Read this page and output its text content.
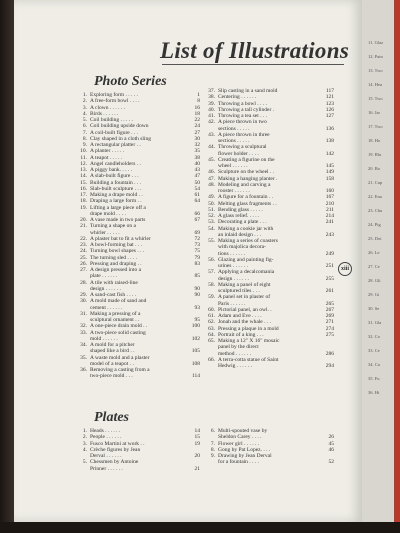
List of Illustrations
Photo Series
1. Exploring form . . . . .	1
2. A free-form bowl . . . .	8
3. A clown . . . . . .	16
4. Birds . . . . . .	18
5. Coil building . . . . .	22
6. Coil building upside down	24
7. A coil-built figure . . .	27
8. Clay shaped in a cloth sling	30
9. A rectangular platter . .	32
10. A planter . . . . .	35
11. A teapot . . . . .	38
12. Angel candleholders . .	40
13. A piggy bank. . . . .	43
14. A slab-built figure . . .	47
15. Building a fountain . . .	50
16. Slab-built sculpture . . .	54
17. Making a drape mold . .	61
18. Draping a large form . .	64
19. Lifting a large piece off a
drape mold . . . .	66
20. A vase made in two parts	67
21. Turning a shape on a
whirler . . . . .	69
22. A plaster bat to fit a whirler	72
23. A bowl-forming bat . . .	73
24. Turning bowl shapes . . .	75
25. The turning sled . . . .	79
26. Pressing and draping . .	83
27. A design pressed into a
plate . . . . . .	85
28. A tile with raised-line
design . . . . . .	90
29. A sand-cast fish . . . .	90
30. A mold made of sand and
cement . . . . . .	93
31. Making a pressing of a
sculptural ornament . .	95
32. A one-piece drain mold . .	100
33. A two-piece solid casting
mold . . . . . .	102
34. A mold for a pitcher
shaped like a bird . .	105
35. A waste mold and a plaster
model of a teapot . .	108
36. Removing a casting from a
two-piece mold . . .	114
37. Slip casting in a sand mold	117
38. Centering . . . . . .	121
39. Throwing a bowl . . . .	123
40. Throwing a tall cylinder .	126
41. Throwing a tea set . . .	127
42. A piece thrown in two
sections . . . . .	136
43. A piece thrown in three
sections . . . . .	138
44. Throwing a sculptural
flower holder . . . .	142
45. Creating a figurine on the
wheel . . . . . .	145
46. Sculpture on the wheel . .	149
47. Making a hanging planter .	158
48. Modeling and carving a
rooster . . . . . .	160
49. A figure for a fountain . .	167
50. Melting glass fragments . .	210
51. Bending glass . . . . .	211
52. A glass relief. . . . .	214
53. Decorating a plate . . .	241
54. Making a cookie jar with
an inlaid design . . .	243
55. Making a series of coasters
with majolica decora-
tions . . . . . .	249
56. Glazing and painting fig-
urines . . . . . .	251
57. Applying a decalcomania
design . . . . . .	255
58. Making a panel of eight
sculptured tiles . . .	261
59. A panel set in plaster of
Paris . . . . . .	265
60. Pictorial panel, an owl. .	267
61. Adam and Eve . . . .	269
62. Jonah and the whale . . .	271
63. Pressing a plaque in a mold	274
64. Portrait of a king . . .	275
65. Making a 12" X 16" mosaic
panel by the direct
method . . . . . .	286
66. A terra-cotta statue of Saint
Hedwig . . . . . .	294
xiii
Plates
1. Heads . . . . . .	14
2. People . . . . . .	15
3. Fusco Martini at work . .	19
4. Crèche figures by Jean
Derval . . . . . .	20
5. Chessmen by Antoine
Prinner . . . . . .	21
6. Multi-spouted vase by
Sheldon Carey . . . .	26
7. Flower girl . . . . . .	45
8. Gong by Pat Lopez. . . .	46
9. Drawing by Jean Derval
for a fountain . . . .	52
11. Glaz
12. Pain
13. Two
14. Hea
15. Two
16. Jar
17. Two
18. Ho
19. Blu
20. Bo
21. Cup
22. Ena
23. Chu
24. Pig
25. Doi
26. Le
27. Ce
28. Gli
29. Gi
30. Se
31. Gla
32. Co
33. Ce
34. Ca
35. Fu
36. Hi
